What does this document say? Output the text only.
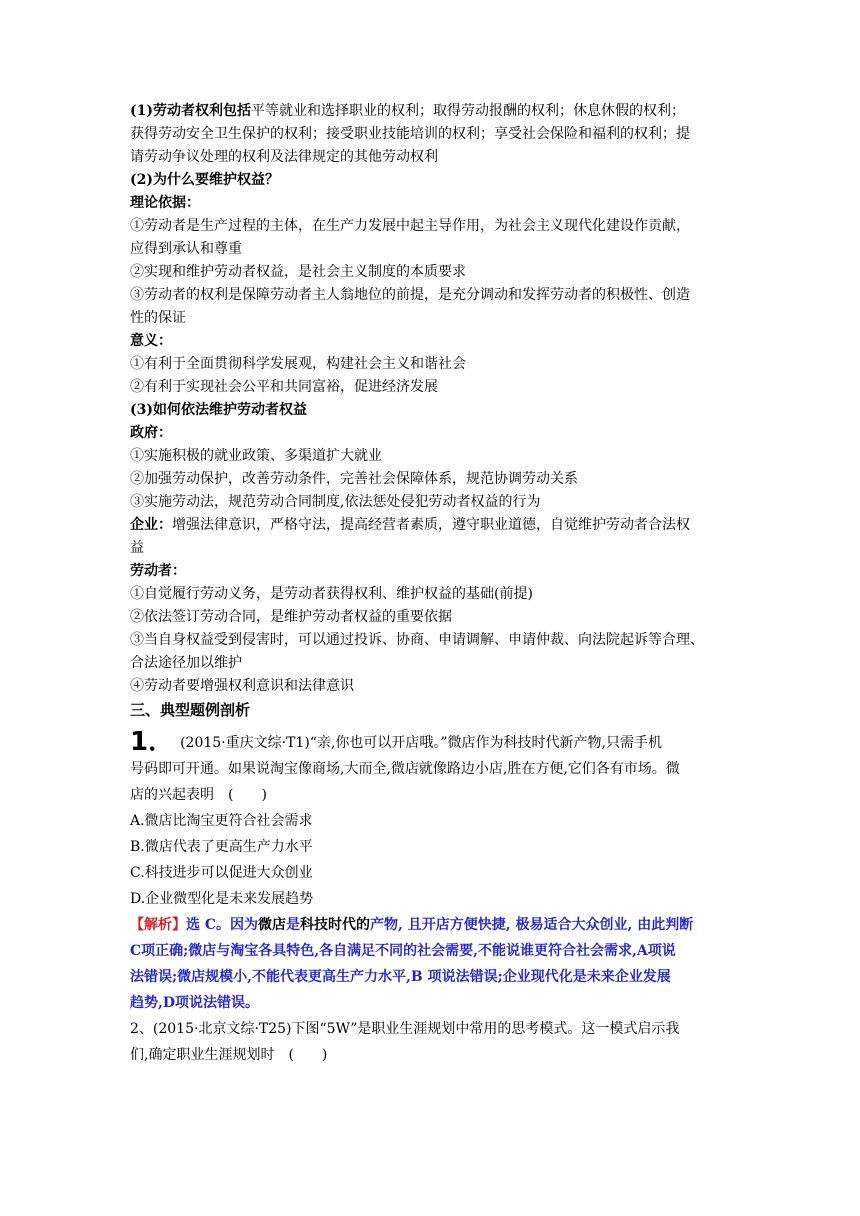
(1)劳动者权利包括平等就业和选择职业的权利；取得劳动报酬的权利；休息休假的权利；
获得劳动安全卫生保护的权利；接受职业技能培训的权利；享受社会保险和福利的权利；提
请劳动争议处理的权利及法律规定的其他劳动权利
(2)为什么要维护权益？
理论依据：
①劳动者是生产过程的主体，在生产力发展中起主导作用，为社会主义现代化建设作贡献，
应得到承认和尊重
②实现和维护劳动者权益，是社会主义制度的本质要求
③劳动者的权利是保障劳动者主人翁地位的前提，是充分调动和发挥劳动者的积极性、创造
性的保证
意义：
①有利于全面贯彻科学发展观，构建社会主义和谐社会
②有利于实现社会公平和共同富裕，促进经济发展
(3)如何依法维护劳动者权益
政府：
①实施积极的就业政策、多渠道扩大就业
②加强劳动保护，改善劳动条件，完善社会保障体系，规范协调劳动关系
③实施劳动法，规范劳动合同制度,依法惩处侵犯劳动者权益的行为
企业：增强法律意识，严格守法，提高经营者素质，遵守职业道德，自觉维护劳动者合法权
益
劳动者：
①自觉履行劳动义务，是劳动者获得权利、维护权益的基础(前提)
②依法签订劳动合同，是维护劳动者权益的重要依据
③当自身权益受到侵害时，可以通过投诉、协商、申请调解、申请仲裁、向法院起诉等合理、
合法途径加以维护
④劳动者要增强权利意识和法律意识
三、典型题例剖析
1． (2015·重庆文综·T1)“亲,你也可以开店哦。”微店作为科技时代新产物,只需手机
号码即可开通。如果说淘宝像商场,大而全,微店就像路边小店,胜在方便,它们各有市场。微
店的兴起表明　(　　)
A.微店比淘宝更符合社会需求
B.微店代表了更高生产力水平
C.科技进步可以促进大众创业
D.企业微型化是未来发展趋势
【解析】选 C。因为微店是科技时代的产物, 且开店方便快捷, 极易适合大众创业, 由此判断
C项正确;微店与淘宝各具特色,各自满足不同的社会需要,不能说谁更符合社会需求,A项说
法错误;微店规模小,不能代表更高生产力水平,B 项说法错误;企业现代化是未来企业发展
趋势,D项说法错误。
2、(2015·北京文综·T25)下图“5W”是职业生涯规划中常用的思考模式。这一模式启示我
们,确定职业生涯规划时　(　　)
